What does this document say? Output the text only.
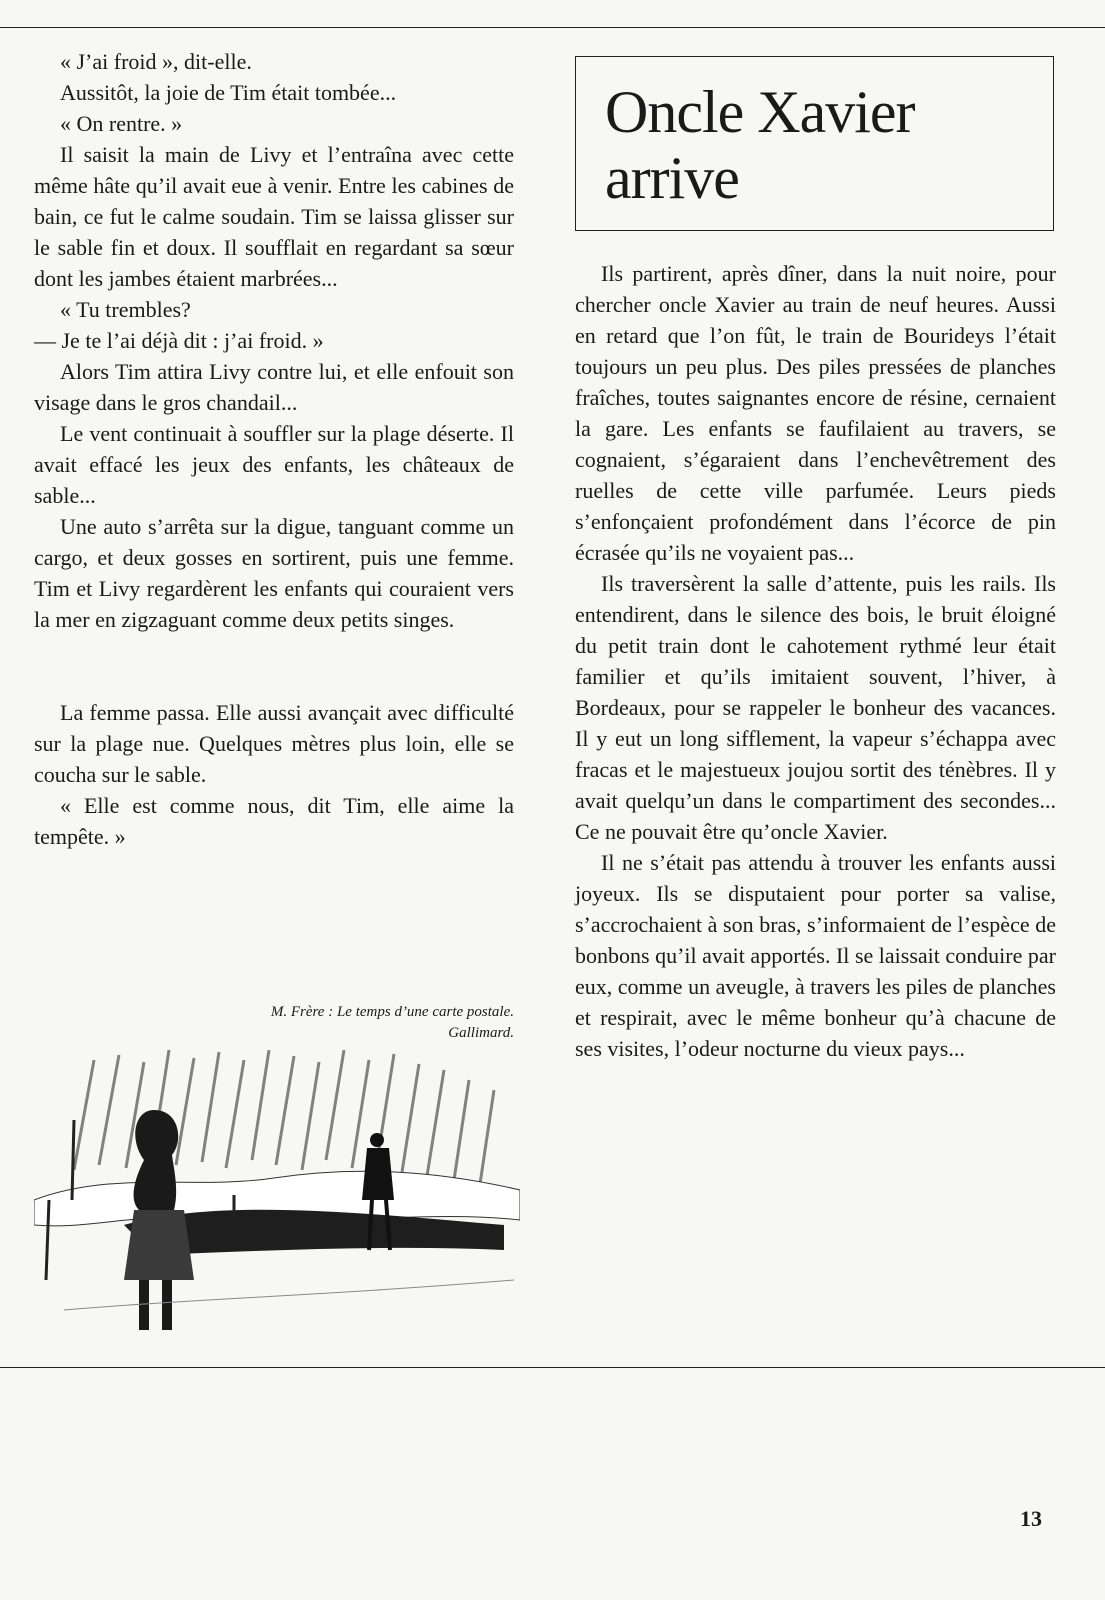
« J’ai froid », dit-elle.

Aussitôt, la joie de Tim était tombée...

« On rentre. »

Il saisit la main de Livy et l’entraîna avec cette même hâte qu’il avait eue à venir. Entre les cabines de bain, ce fut le calme soudain. Tim se laissa glisser sur le sable fin et doux. Il soufflait en regardant sa sœur dont les jambes étaient marbrées...

« Tu trembles?

— Je te l’ai déjà dit : j’ai froid. »

Alors Tim attira Livy contre lui, et elle enfouit son visage dans le gros chandail...

Le vent continuait à souffler sur la plage déserte. Il avait effacé les jeux des enfants, les châteaux de sable...

Une auto s’arrêta sur la digue, tanguant comme un cargo, et deux gosses en sortirent, puis une femme. Tim et Livy regardèrent les enfants qui couraient vers la mer en zigzaguant comme deux petits singes.

La femme passa. Elle aussi avançait avec difficulté sur la plage nue. Quelques mètres plus loin, elle se coucha sur le sable.

« Elle est comme nous, dit Tim, elle aime la tempête. »

M. Frère : Le temps d’une carte postale.
Gallimard.
Oncle Xavier arrive

Ils partirent, après dîner, dans la nuit noire, pour chercher oncle Xavier au train de neuf heures. Aussi en retard que l’on fût, le train de Bourideys l’était toujours un peu plus. Des piles pressées de planches fraîches, toutes saignantes encore de résine, cernaient la gare. Les enfants se faufilaient au travers, se cognaient, s’égaraient dans l’enchevêtrement des ruelles de cette ville parfumée. Leurs pieds s’enfonçaient profondément dans l’écorce de pin écrasée qu’ils ne voyaient pas...

Ils traversèrent la salle d’attente, puis les rails. Ils entendirent, dans le silence des bois, le bruit éloigné du petit train dont le cahotement rythmé leur était familier et qu’ils imitaient souvent, l’hiver, à Bordeaux, pour se rappeler le bonheur des vacances. Il y eut un long sifflement, la vapeur s’échappa avec fracas et le majestueux joujou sortit des ténèbres. Il y avait quelqu’un dans le compartiment des secondes... Ce ne pouvait être qu’oncle Xavier.

Il ne s’était pas attendu à trouver les enfants aussi joyeux. Ils se disputaient pour porter sa valise, s’accrochaient à son bras, s’informaient de l’espèce de bonbons qu’il avait apportés. Il se laissait conduire par eux, comme un aveugle, à travers les piles de planches et respirait, avec le même bonheur qu’à chacune de ses visites, l’odeur nocturne du vieux pays...

13
